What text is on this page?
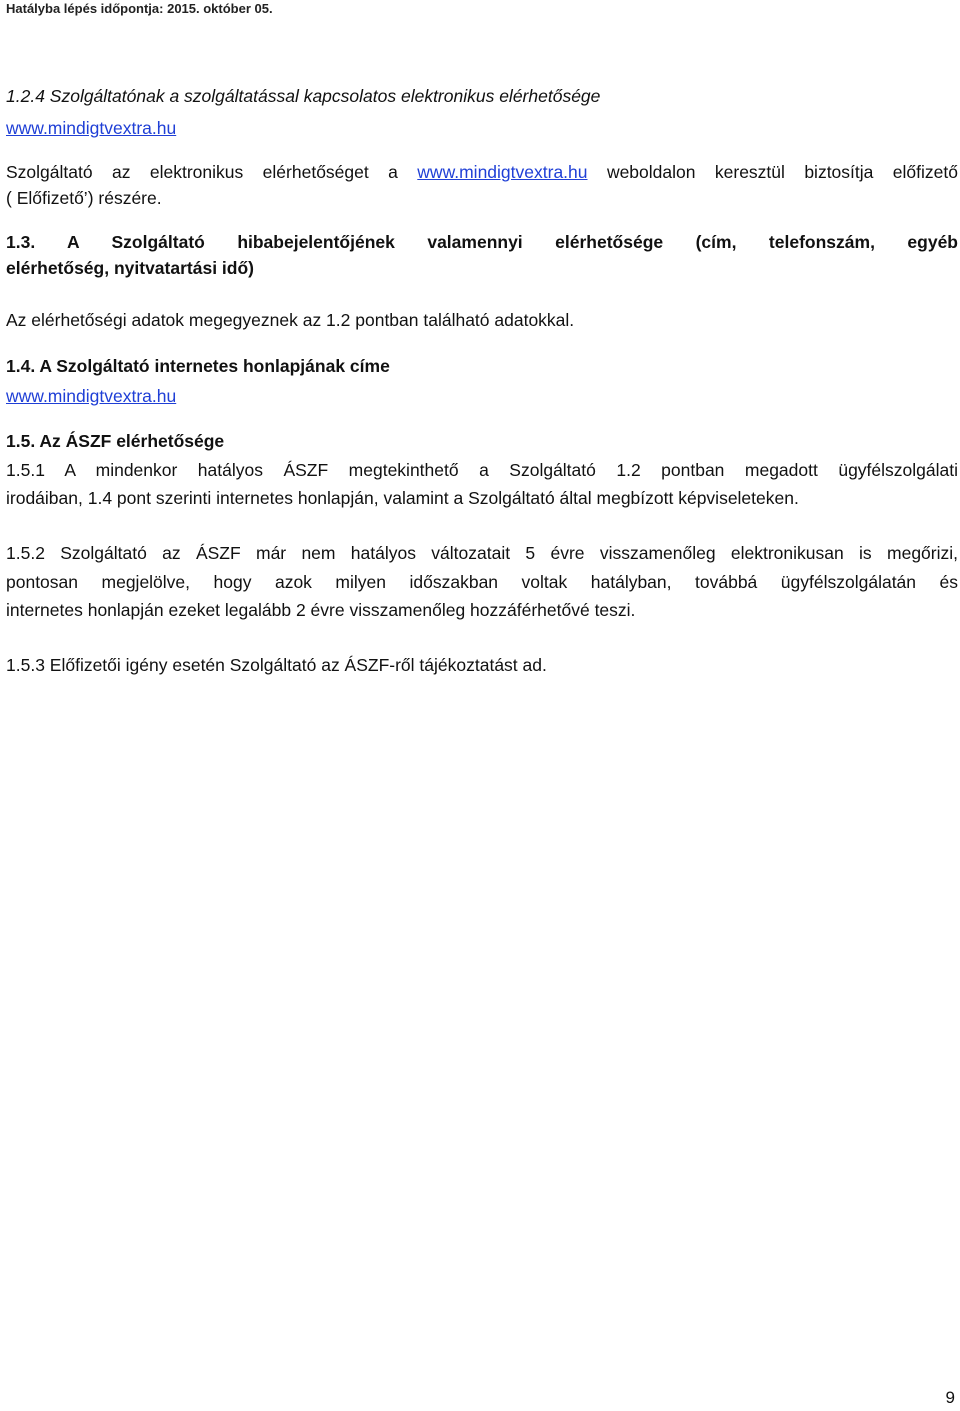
Hatályba lépés időpontja: 2015. október 05.
1.2.4 Szolgáltatónak a szolgáltatással kapcsolatos elektronikus elérhetősége
www.mindigtvextra.hu
Szolgáltató az elektronikus elérhetőséget a www.mindigtvextra.hu weboldalon keresztül biztosítja előfizető
( Előfizető’) részére.
1.3. A Szolgáltató hibabejelentőjének valamennyi elérhetősége (cím, telefonszám, egyéb
elérhetőség, nyitvatartási idő)
Az elérhetőségi adatok megegyeznek az 1.2 pontban található adatokkal.
1.4. A Szolgáltató internetes honlapjának címe
www.mindigtvextra.hu
1.5. Az ÁSZF elérhetősége
1.5.1 A mindenkor hatályos ÁSZF megtekinthető a Szolgáltató 1.2 pontban megadott ügyfélszolgálati
irodáiban, 1.4 pont szerinti internetes honlapján, valamint a Szolgáltató által megbízott képviseleteken.
1.5.2 Szolgáltató az ÁSZF már nem hatályos változatait 5 évre visszamenőleg elektronikusan is megőrizi,
pontosan megjelölve, hogy azok milyen időszakban voltak hatályban, továbbá ügyfélszolgálatán és
internetes honlapján ezeket legalább 2 évre visszamenőleg hozzáférhetővé teszi.
1.5.3 Előfizetői igény esetén Szolgáltató az ÁSZF-ről tájékoztatást ad.
9
